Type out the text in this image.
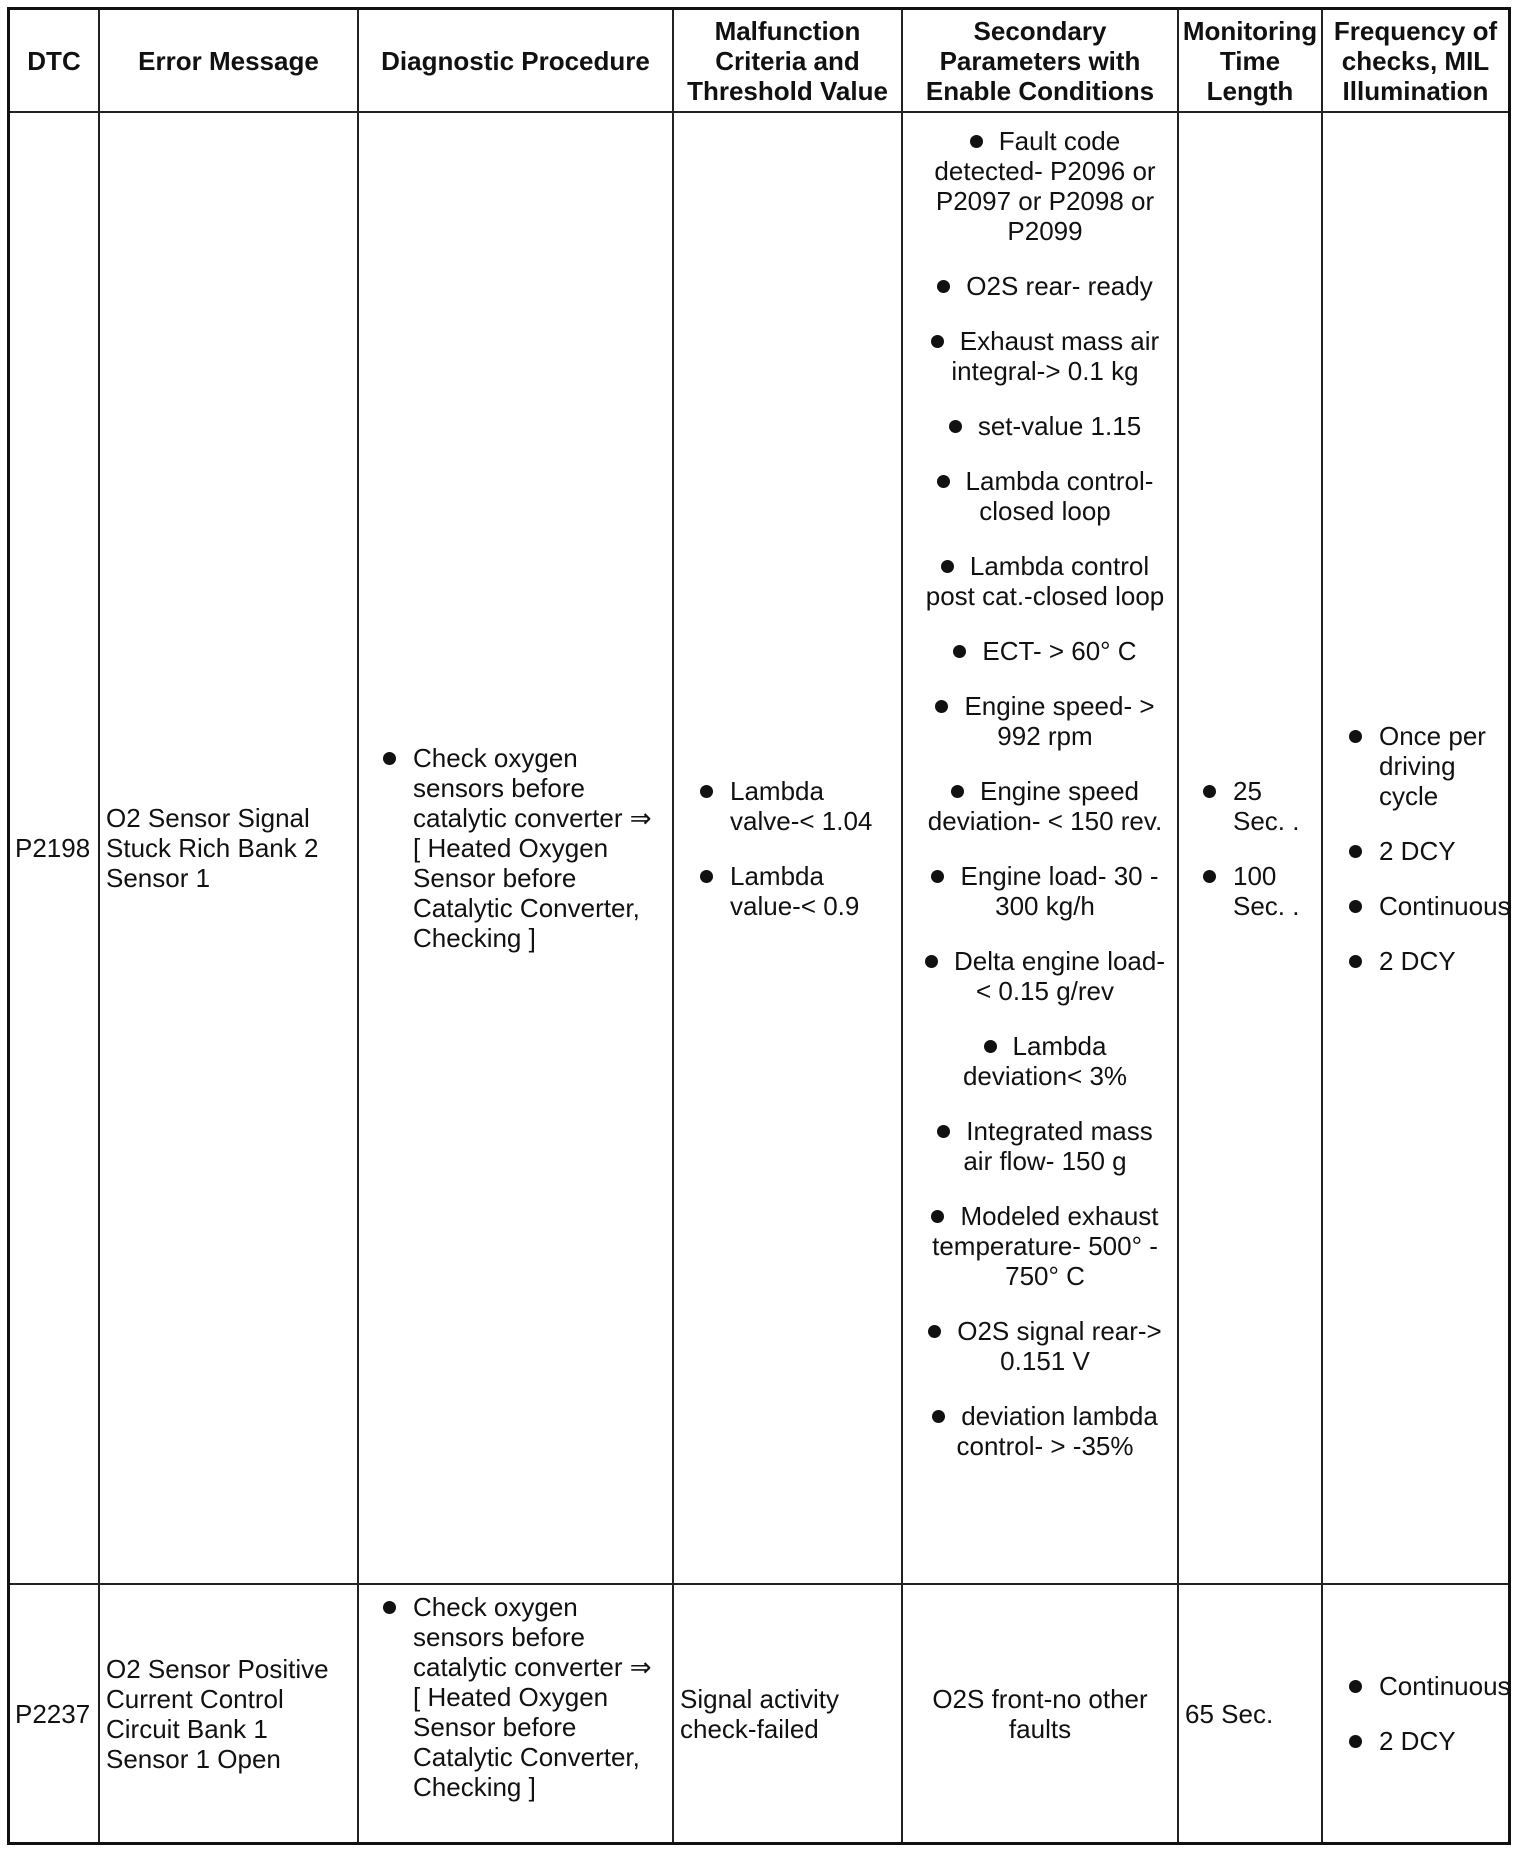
DTC Error Message Diagnostic Procedure
Malfunction
Criteria and
Threshold Value
Secondary
Parameters with
Enable Conditions
Monitoring
Time
Length
Frequency of
checks, MIL
Illumination
P2198
O2 Sensor Signal Stuck Rich Bank 2 Sensor 1
Check oxygen sensors before catalytic converter ⇒ [ Heated Oxygen Sensor before Catalytic Converter, Checking ]
Lambda valve-< 1.04
Lambda value-< 0.9
Fault code detected- P2096 or P2097 or P2098 or P2099
O2S rear- ready
Exhaust mass air integral-> 0.1 kg
set-value 1.15
Lambda control-closed loop
Lambda control post cat.-closed loop
ECT- > 60° C
Engine speed- > 992 rpm
Engine speed deviation- < 150 rev.
Engine load- 30 - 300 kg/h
Delta engine load- < 0.15 g/rev
Lambda deviation< 3%
Integrated mass air flow- 150 g
Modeled exhaust temperature- 500° - 750° C
O2S signal rear-> 0.151 V
deviation lambda control- > -35%
25 Sec. .
100 Sec. .
Once per driving cycle
2 DCY
Continuous
2 DCY
P2237
O2 Sensor Positive Current Control Circuit Bank 1 Sensor 1 Open
Check oxygen sensors before catalytic converter ⇒ [ Heated Oxygen Sensor before Catalytic Converter, Checking ]
Signal activity check-failed
O2S front-no other faults	65 Sec.
Continuous
2 DCY
